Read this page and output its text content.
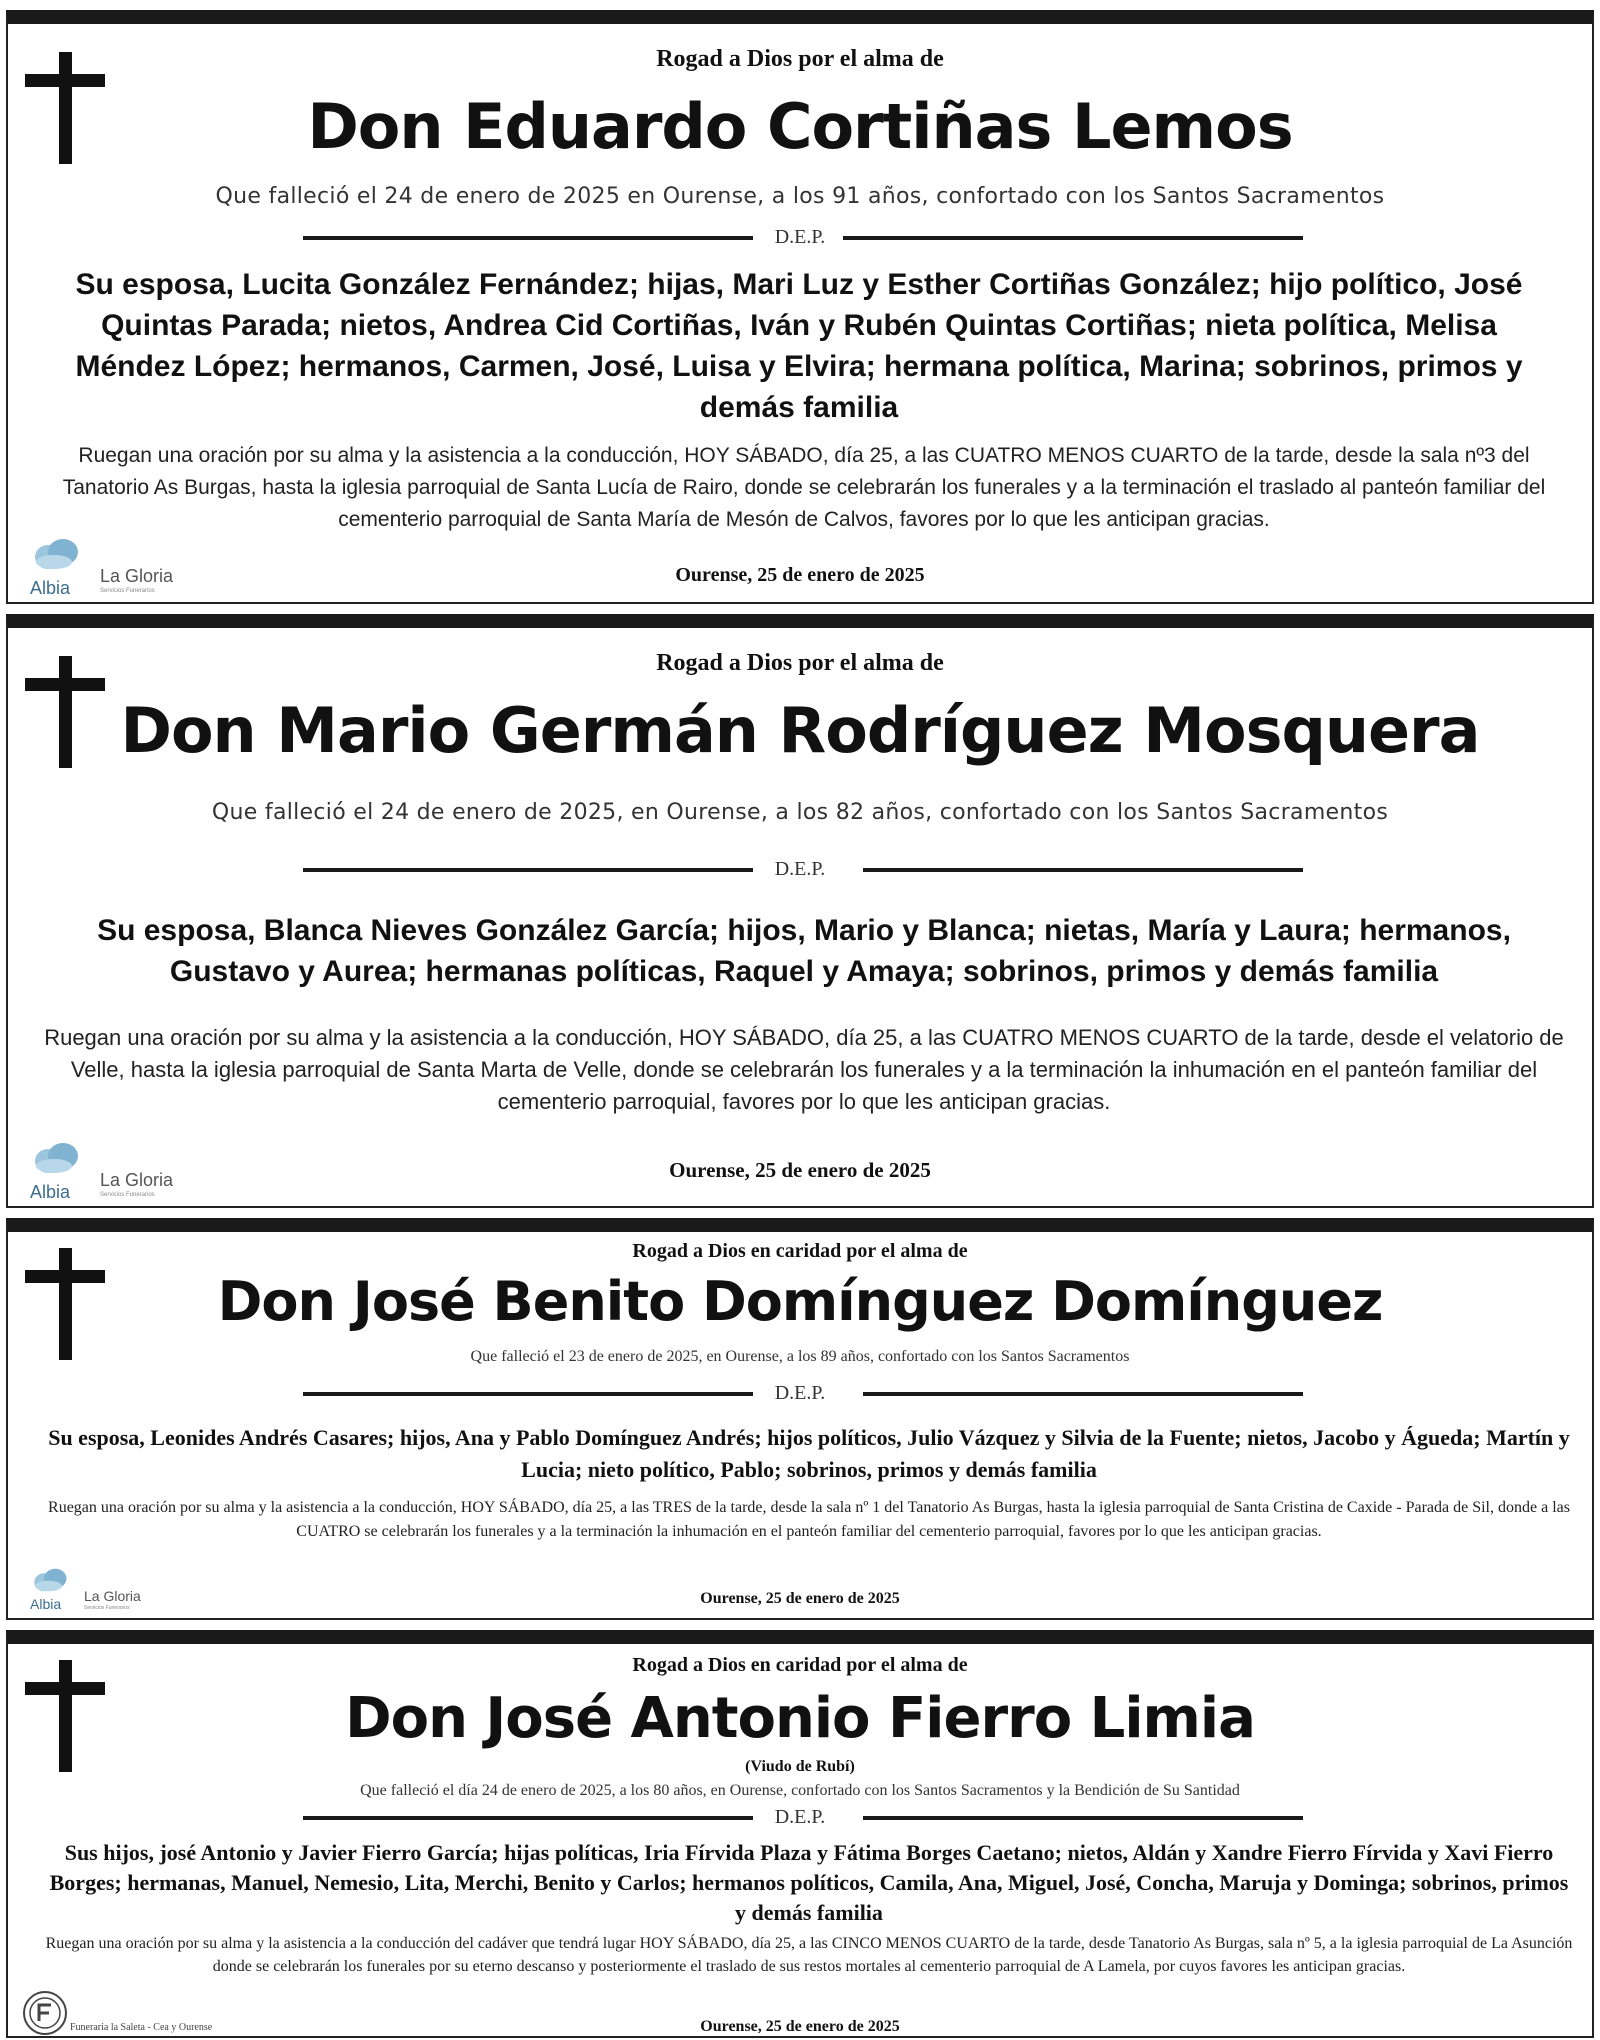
Rogad a Dios por el alma de
Don Eduardo Cortiñas Lemos
Que falleció el 24 de enero de 2025 en Ourense, a los 91 años, confortado con los Santos Sacramentos
D.E.P.
Su esposa, Lucita González Fernández; hijas, Mari Luz y Esther Cortiñas González; hijo político, José Quintas Parada; nietos, Andrea Cid Cortiñas, Iván y Rubén Quintas Cortiñas; nieta política, Melisa Méndez López; hermanos, Carmen, José, Luisa y Elvira; hermana política, Marina; sobrinos, primos y demás familia
Ruegan una oración por su alma y la asistencia a la conducción, HOY SÁBADO, día 25, a las CUATRO MENOS CUARTO de la tarde, desde la sala nº3 del Tanatorio As Burgas, hasta la iglesia parroquial de Santa Lucía de Rairo, donde se celebrarán los funerales y a la terminación el traslado al panteón familiar del cementerio parroquial de Santa María de Mesón de Calvos, favores por lo que les anticipan gracias.
Ourense, 25 de enero de 2025
Albia
La Gloria
Servicios Funerarios
Rogad a Dios por el alma de
Don Mario Germán Rodríguez Mosquera
Que falleció el 24 de enero de 2025, en Ourense, a los 82 años, confortado con los Santos Sacramentos
D.E.P.
Su esposa, Blanca Nieves González García; hijos, Mario y Blanca; nietas, María y Laura; hermanos, Gustavo y Aurea; hermanas políticas, Raquel y Amaya; sobrinos, primos y demás familia
Ruegan una oración por su alma y la asistencia a la conducción, HOY SÁBADO, día 25, a las CUATRO MENOS CUARTO de la tarde, desde el velatorio de Velle, hasta la iglesia parroquial de Santa Marta de Velle, donde se celebrarán los funerales y a la terminación la inhumación en el panteón familiar del cementerio parroquial, favores por lo que les anticipan gracias.
Ourense, 25 de enero de 2025
Albia
La Gloria
Servicios Funerarios
Rogad a Dios en caridad por el alma de
Don José Benito Domínguez Domínguez
Que falleció el 23 de enero de 2025, en Ourense, a los 89 años, confortado con los Santos Sacramentos
D.E.P.
Su esposa, Leonides Andrés Casares; hijos, Ana y Pablo Domínguez Andrés; hijos políticos, Julio Vázquez y Silvia de la Fuente; nietos, Jacobo y Águeda; Martín y Lucia; nieto político, Pablo; sobrinos, primos y demás familia
Ruegan una oración por su alma y la asistencia a la conducción, HOY SÁBADO, día 25, a las TRES de la tarde, desde la sala nº 1 del Tanatorio As Burgas, hasta la iglesia parroquial de Santa Cristina de Caxide - Parada de Sil, donde a las CUATRO se celebrarán los funerales y a la terminación la inhumación en el panteón familiar del cementerio parroquial, favores por lo que les anticipan gracias.
Ourense, 25 de enero de 2025
Albia La Gloria
Servicios Funerarios
Rogad a Dios en caridad por el alma de
Don José Antonio Fierro Limia
(Viudo de Rubí)
Que falleció el día 24 de enero de 2025, a los 80 años, en Ourense, confortado con los Santos Sacramentos y la Bendición de Su Santidad
D.E.P.
Sus hijos, josé Antonio y Javier Fierro García; hijas políticas, Iria Fírvida Plaza y Fátima Borges Caetano; nietos, Aldán y Xandre Fierro Fírvida y Xavi Fierro Borges; hermanas, Manuel, Nemesio, Lita, Merchi, Benito y Carlos; hermanos políticos, Camila, Ana, Miguel, José, Concha, Maruja y Dominga; sobrinos, primos y demás familia
Ruegan una oración por su alma y la asistencia a la conducción del cadáver que tendrá lugar HOY SÁBADO, día 25, a las CINCO MENOS CUARTO de la tarde, desde Tanatorio As Burgas, sala nº 5, a la iglesia parroquial de La Asunción donde se celebrarán los funerales por su eterno descanso y posteriormente el traslado de sus restos mortales al cementerio parroquial de A Lamela, por cuyos favores les anticipan gracias.
Ourense, 25 de enero de 2025
Funeraria la Saleta - Cea y Ourense
